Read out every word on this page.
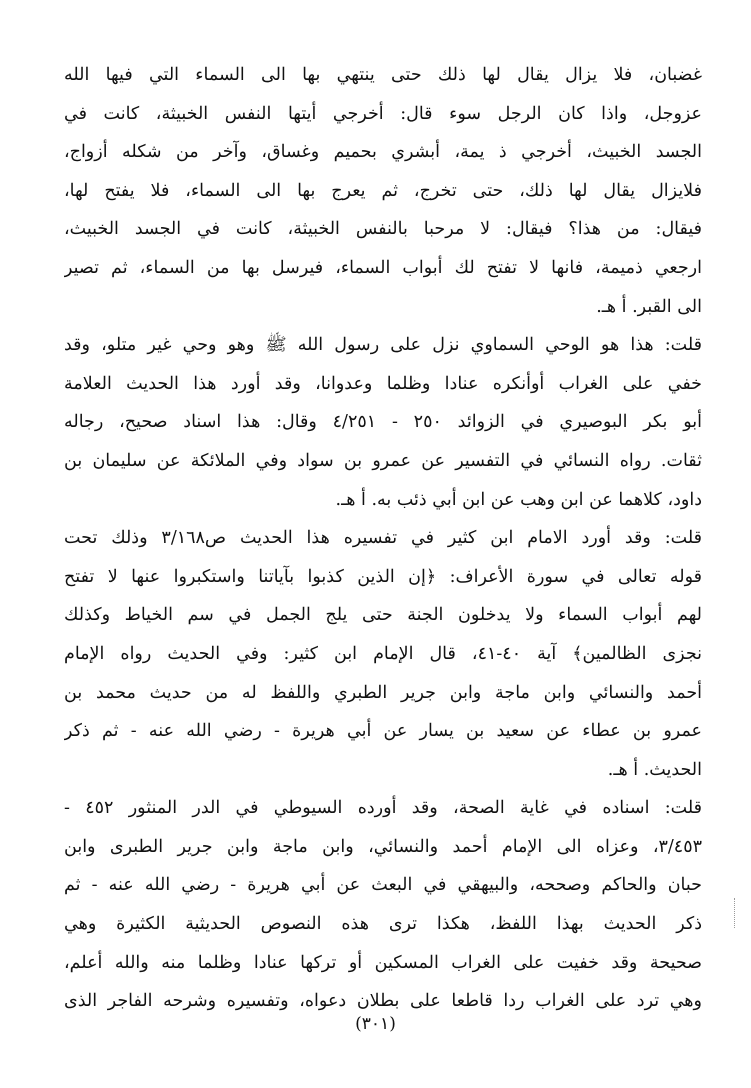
غضبان، فلا يزال يقال لها ذلك حتى ينتهي بها الى السماء التي فيها الله
عزوجل، واذا كان الرجل سوء قال: أخرجي أيتها النفس الخبيثة، كانت في
الجسد الخبيث، أخرجي ذ يمة، أبشري بحميم وغساق، وآخر من شكله أزواج،
فلايزال يقال لها ذلك، حتى تخرج، ثم يعرج بها الى السماء، فلا يفتح لها،
فيقال: من هذا؟ فيقال: لا مرحبا بالنفس الخبيثة، كانت في الجسد الخبيث،
ارجعي ذميمة، فانها لا تفتح لك أبواب السماء، فيرسل بها من السماء، ثم تصير
الى القبر. أ هـ.
قلت: هذا هو الوحي السماوي نزل على رسول الله ﷺ وهو وحي غير متلو، وقد
خفي على الغراب أوأنكره عنادا وظلما وعدوانا، وقد أورد هذا الحديث العلامة
أبو بكر البوصيري في الزوائد ٢٥٠ - ٤/٢٥١ وقال: هذا اسناد صحيح، رجاله
ثقات. رواه النسائي في التفسير عن عمرو بن سواد وفي الملائكة عن سليمان بن
داود، كلاهما عن ابن وهب عن ابن أبي ذئب به. أ هـ.
قلت: وقد أورد الامام ابن كثير في تفسيره هذا الحديث ص٣/١٦٨ وذلك تحت
قوله تعالى في سورة الأعراف: ﴿إن الذين كذبوا بآياتنا واستكبروا عنها لا تفتح
لهم أبواب السماء ولا يدخلون الجنة حتى يلج الجمل في سم الخياط وكذلك
نجزى الظالمين﴾ آية ٤٠-٤١، قال الإمام ابن كثير: وفي الحديث رواه الإمام
أحمد والنسائي وابن ماجة وابن جرير الطبري واللفظ له من حديث محمد بن
عمرو بن عطاء عن سعيد بن يسار عن أبي هريرة - رضي الله عنه - ثم ذكر
الحديث. أ هـ.
قلت: اسناده في غاية الصحة، وقد أورده السيوطي في الدر المنثور ٤٥٢ -
٣/٤٥٣، وعزاه الى الإمام أحمد والنسائي، وابن ماجة وابن جرير الطبرى وابن
حبان والحاكم وصححه، والبيهقي في البعث عن أبي هريرة - رضي الله عنه - ثم
ذكر الحديث بهذا اللفظ، هكذا ترى هذه النصوص الحديثية الكثيرة وهي
صحيحة وقد خفيت على الغراب المسكين أو تركها عنادا وظلما منه والله أعلم،
وهي ترد على الغراب ردا قاطعا على بطلان دعواه، وتفسيره وشرحه الفاجر الذى
(٣٠١)
